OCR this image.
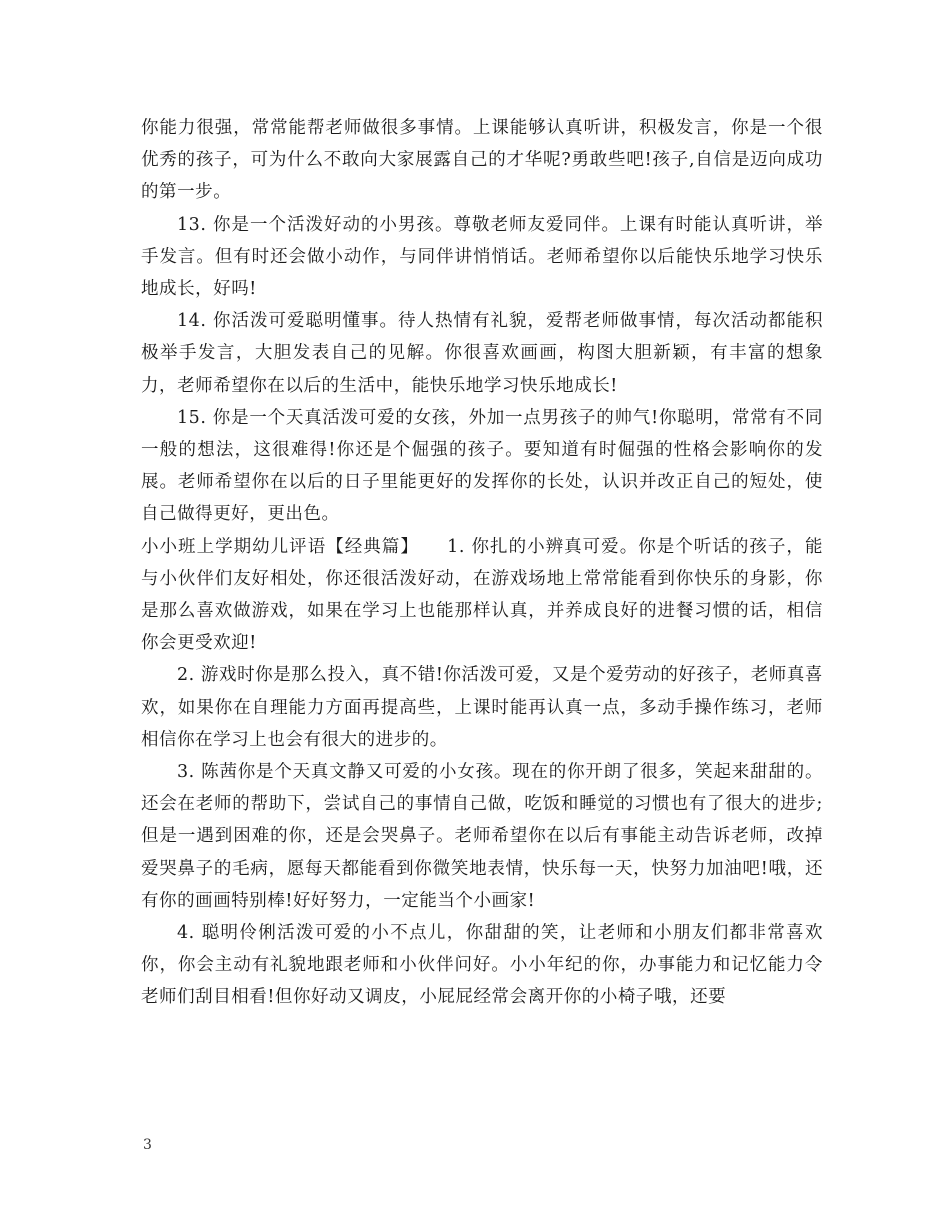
你能力很强，常常能帮老师做很多事情。上课能够认真听讲，积极发言，你是一个很优秀的孩子，可为什么不敢向大家展露自己的才华呢?勇敢些吧!孩子,自信是迈向成功的第一步。

13. 你是一个活泼好动的小男孩。尊敬老师友爱同伴。上课有时能认真听讲，举手发言。但有时还会做小动作，与同伴讲悄悄话。老师希望你以后能快乐地学习快乐地成长，好吗!

14. 你活泼可爱聪明懂事。待人热情有礼貌，爱帮老师做事情，每次活动都能积极举手发言，大胆发表自己的见解。你很喜欢画画，构图大胆新颖，有丰富的想象力，老师希望你在以后的生活中，能快乐地学习快乐地成长!

15. 你是一个天真活泼可爱的女孩，外加一点男孩子的帅气!你聪明，常常有不同一般的想法，这很难得!你还是个倔强的孩子。要知道有时倔强的性格会影响你的发展。老师希望你在以后的日子里能更好的发挥你的长处，认识并改正自己的短处，使自己做得更好，更出色。

小小班上学期幼儿评语【经典篇】　　1. 你扎的小辨真可爱。你是个听话的孩子，能与小伙伴们友好相处，你还很活泼好动，在游戏场地上常常能看到你快乐的身影，你是那么喜欢做游戏，如果在学习上也能那样认真，并养成良好的进餐习惯的话，相信你会更受欢迎!

2. 游戏时你是那么投入，真不错!你活泼可爱，又是个爱劳动的好孩子，老师真喜欢，如果你在自理能力方面再提高些，上课时能再认真一点，多动手操作练习，老师相信你在学习上也会有很大的进步的。

3. 陈茜你是个天真文静又可爱的小女孩。现在的你开朗了很多，笑起来甜甜的。还会在老师的帮助下，尝试自己的事情自己做，吃饭和睡觉的习惯也有了很大的进步;但是一遇到困难的你，还是会哭鼻子。老师希望你在以后有事能主动告诉老师，改掉爱哭鼻子的毛病，愿每天都能看到你微笑地表情，快乐每一天，快努力加油吧!哦，还有你的画画特别棒!好好努力，一定能当个小画家!

4. 聪明伶俐活泼可爱的小不点儿，你甜甜的笑，让老师和小朋友们都非常喜欢你，你会主动有礼貌地跟老师和小伙伴问好。小小年纪的你，办事能力和记忆能力令老师们刮目相看!但你好动又调皮，小屁屁经常会离开你的小椅子哦，还要

3
